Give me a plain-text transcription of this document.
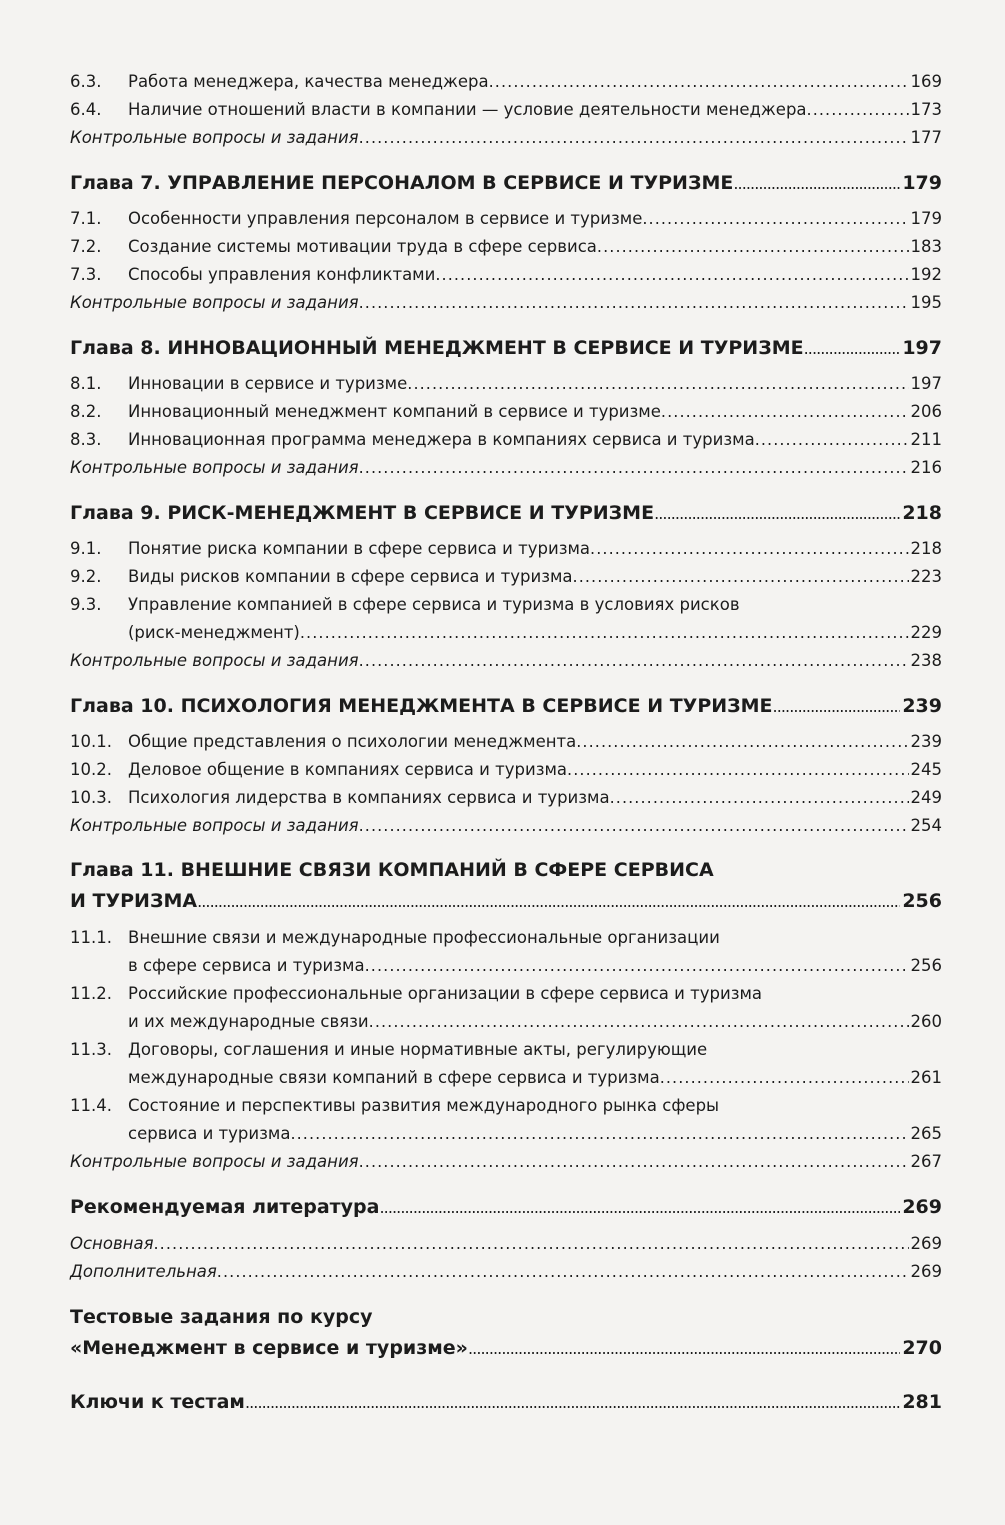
6.3.	Работа менеджера, качества менеджера . . .	169
6.4.	Наличие отношений власти в компании — условие деятельности менеджера . . .	173
Контрольные вопросы и задания . . .	177
Глава 7. УПРАВЛЕНИЕ ПЕРСОНАЛОМ В СЕРВИСЕ И ТУРИЗМЕ . . .	179
7.1.	Особенности управления персоналом в сервисе и туризме . . .	179
7.2.	Создание системы мотивации труда в сфере сервиса . . .	183
7.3.	Способы управления конфликтами . . .	192
Контрольные вопросы и задания . . .	195
Глава 8. ИННОВАЦИОННЫЙ МЕНЕДЖМЕНТ В СЕРВИСЕ И ТУРИЗМЕ . . .	197
8.1.	Инновации в сервисе и туризме . . .	197
8.2.	Инновационный менеджмент компаний в сервисе и туризме . . .	206
8.3.	Инновационная программа менеджера в компаниях сервиса и туризма . . .	211
Контрольные вопросы и задания . . .	216
Глава 9. РИСК-МЕНЕДЖМЕНТ В СЕРВИСЕ И ТУРИЗМЕ . . .	218
9.1.	Понятие риска компании в сфере сервиса и туризма . . .	218
9.2.	Виды рисков компании в сфере сервиса и туризма . . .	223
9.3.	Управление компанией в сфере сервиса и туризма в условиях рисков
(риск-менеджмент) . . .	229
Контрольные вопросы и задания . . .	238
Глава 10. ПСИХОЛОГИЯ МЕНЕДЖМЕНТА В СЕРВИСЕ И ТУРИЗМЕ . . .	239
10.1. Общие представления о психологии менеджмента . . .	239
10.2. Деловое общение в компаниях сервиса и туризма . . .	245
10.3. Психология лидерства в компаниях сервиса и туризма . . .	249
Контрольные вопросы и задания . . .	254
Глава 11. ВНЕШНИЕ СВЯЗИ КОМПАНИЙ В СФЕРЕ СЕРВИСА
И ТУРИЗМА . . .	256
11.1. Внешние связи и международные профессиональные организации
в сфере сервиса и туризма . . .	256
11.2. Российские профессиональные организации в сфере сервиса и туризма
и их международные связи . . .	260
11.3. Договоры, соглашения и иные нормативные акты, регулирующие
международные связи компаний в сфере сервиса и туризма . . .	261
11.4. Состояние и перспективы развития международного рынка сферы
сервиса и туризма . . .	265
Контрольные вопросы и задания . . .	267
Рекомендуемая литература . . .	269
Основная . . .	269
Дополнительная . . .	269
Тестовые задания по курсу
«Менеджмент в сервисе и туризме» . . .	270
Ключи к тестам . . .	281
